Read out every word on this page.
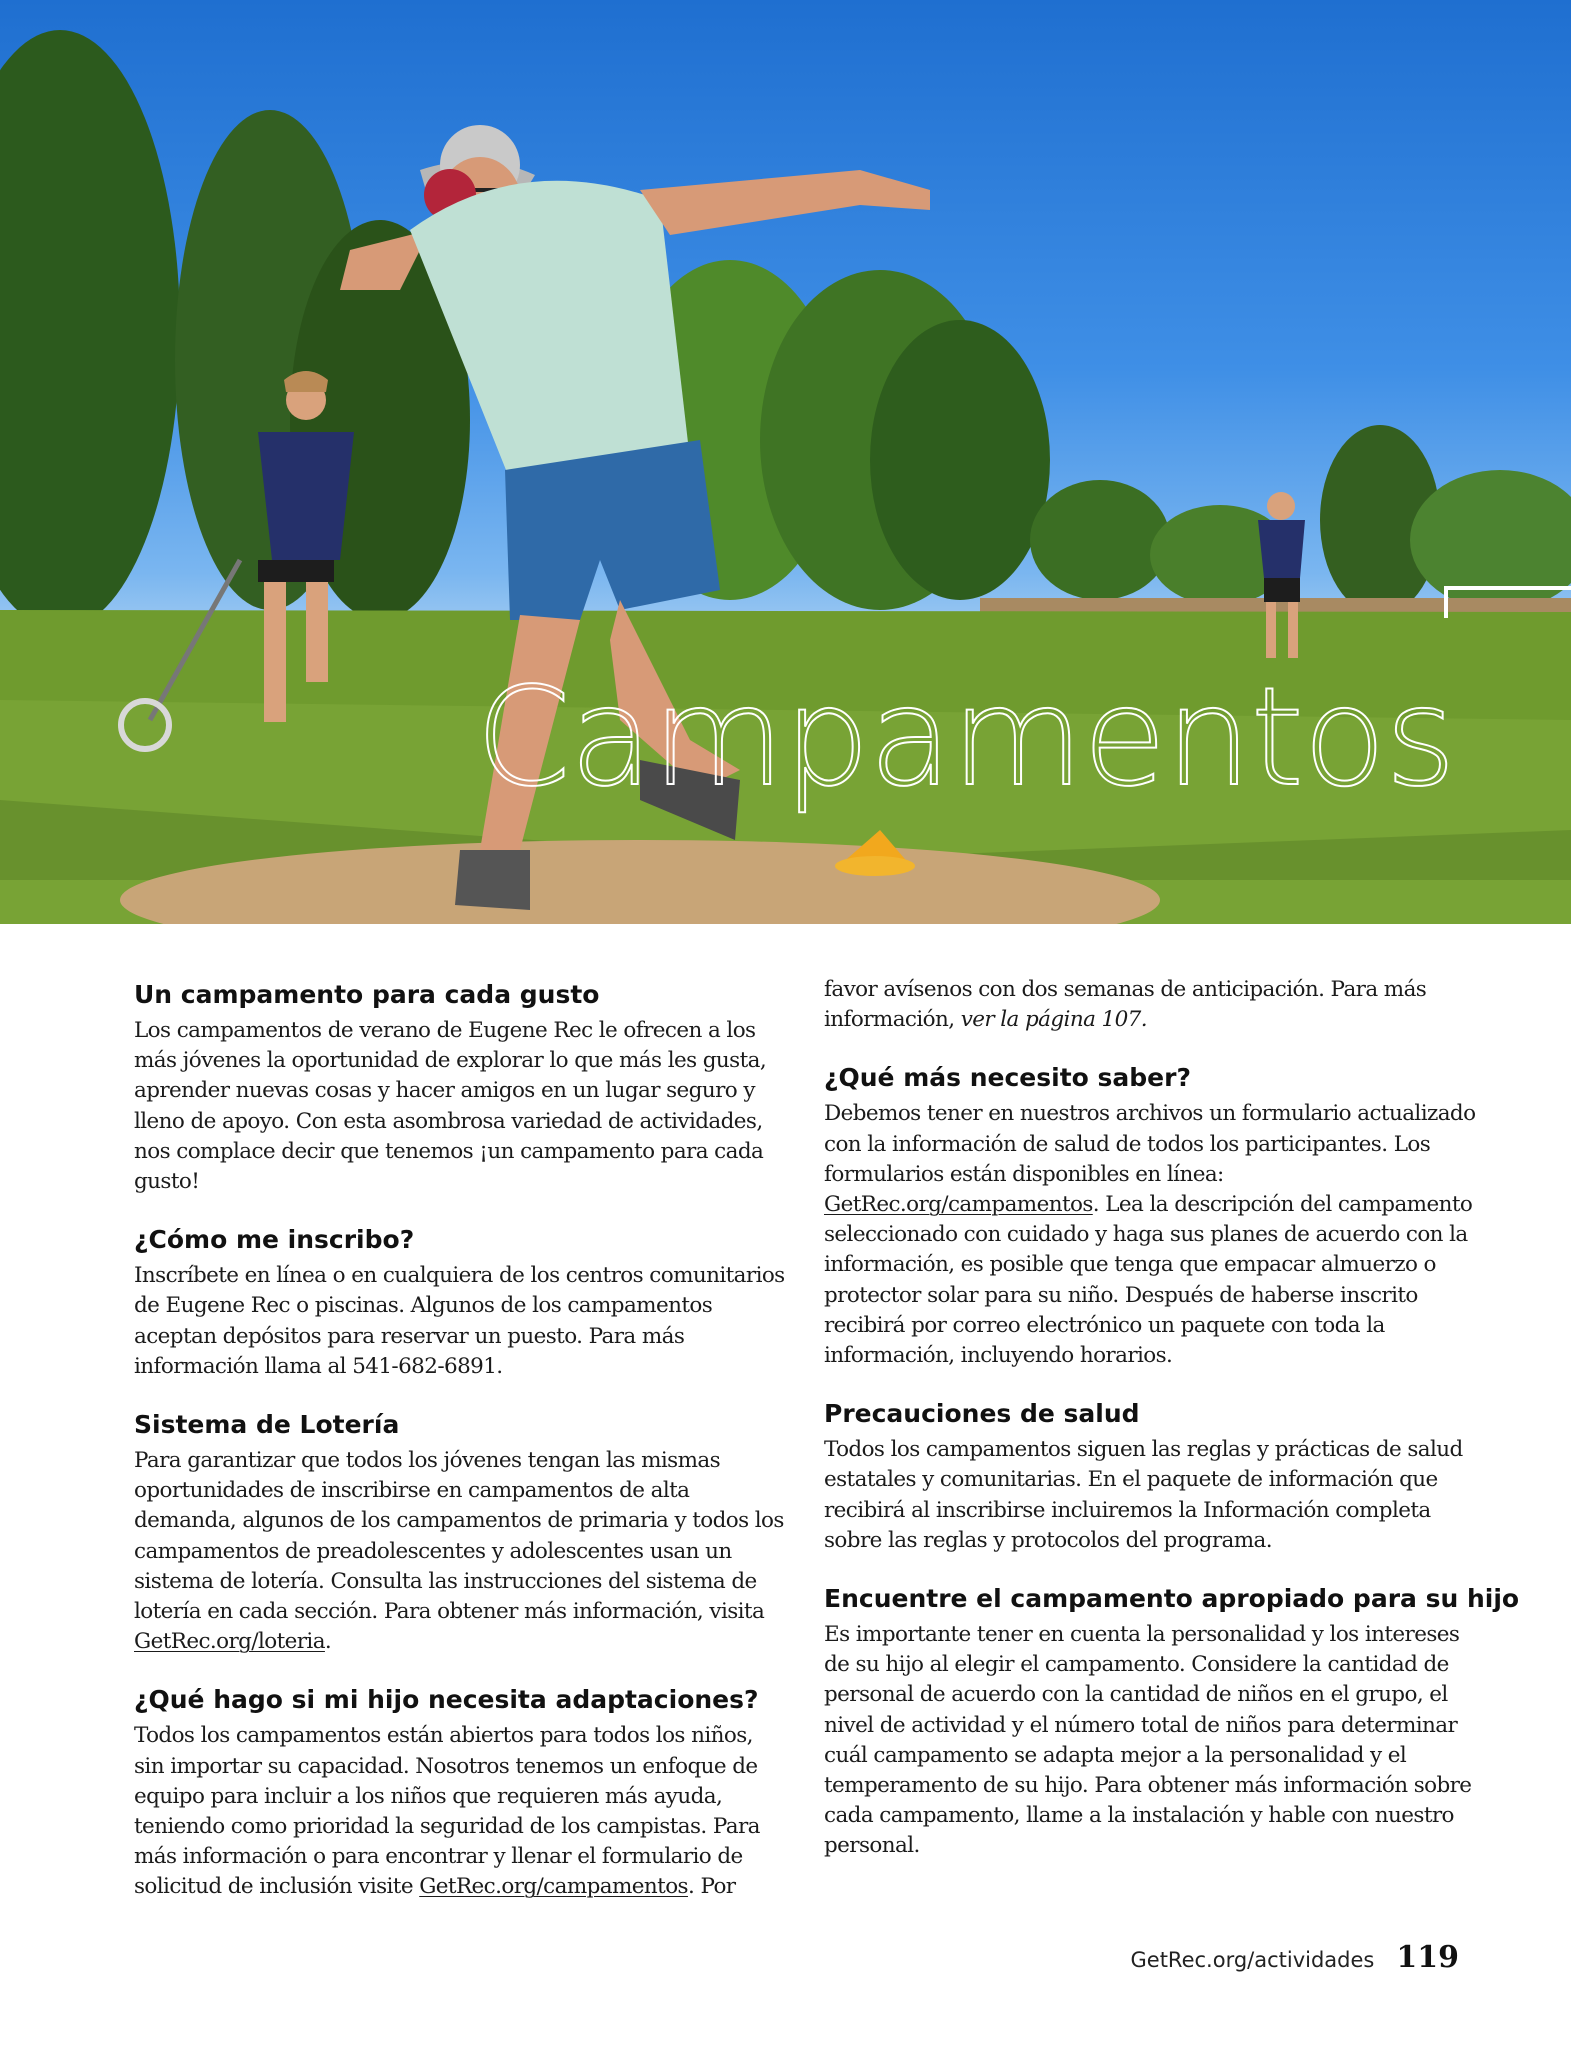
Campamentos
Un campamento para cada gusto

Los campamentos de verano de Eugene Rec le ofrecen a los más jóvenes la oportunidad de explorar lo que más les gusta, aprender nuevas cosas y hacer amigos en un lugar seguro y lleno de apoyo. Con esta asombrosa variedad de actividades, nos complace decir que tenemos ¡un campamento para cada gusto!

¿Cómo me inscribo?

Inscríbete en línea o en cualquiera de los centros comunitarios de Eugene Rec o piscinas. Algunos de los campamentos aceptan depósitos para reservar un puesto. Para más información llama al 541-682-6891.

Sistema de Lotería

Para garantizar que todos los jóvenes tengan las mismas oportunidades de inscribirse en campamentos de alta demanda, algunos de los campamentos de primaria y todos los campamentos de preadolescentes y adolescentes usan un sistema de lotería. Consulta las instrucciones del sistema de lotería en cada sección. Para obtener más información, visita GetRec.org/loteria.

¿Qué hago si mi hijo necesita adaptaciones?

Todos los campamentos están abiertos para todos los niños, sin importar su capacidad. Nosotros tenemos un enfoque de equipo para incluir a los niños que requieren más ayuda, teniendo como prioridad la seguridad de los campistas. Para más información o para encontrar y llenar el formulario de solicitud de inclusión visite GetRec.org/campamentos. Por

favor avísenos con dos semanas de anticipación. Para más información, ver la página 107.

¿Qué más necesito saber?

Debemos tener en nuestros archivos un formulario actualizado con la información de salud de todos los participantes. Los formularios están disponibles en línea: GetRec.org/campamentos. Lea la descripción del campamento seleccionado con cuidado y haga sus planes de acuerdo con la información, es posible que tenga que empacar almuerzo o protector solar para su niño. Después de haberse inscrito recibirá por correo electrónico un paquete con toda la información, incluyendo horarios.

Precauciones de salud

Todos los campamentos siguen las reglas y prácticas de salud estatales y comunitarias. En el paquete de información que recibirá al inscribirse incluiremos la Información completa sobre las reglas y protocolos del programa.

Encuentre el campamento apropiado para su hijo

Es importante tener en cuenta la personalidad y los intereses de su hijo al elegir el campamento. Considere la cantidad de personal de acuerdo con la cantidad de niños en el grupo, el nivel de actividad y el número total de niños para determinar cuál campamento se adapta mejor a la personalidad y el temperamento de su hijo. Para obtener más información sobre cada campamento, llame a la instalación y hable con nuestro personal.

GetRec.org/actividades 119
